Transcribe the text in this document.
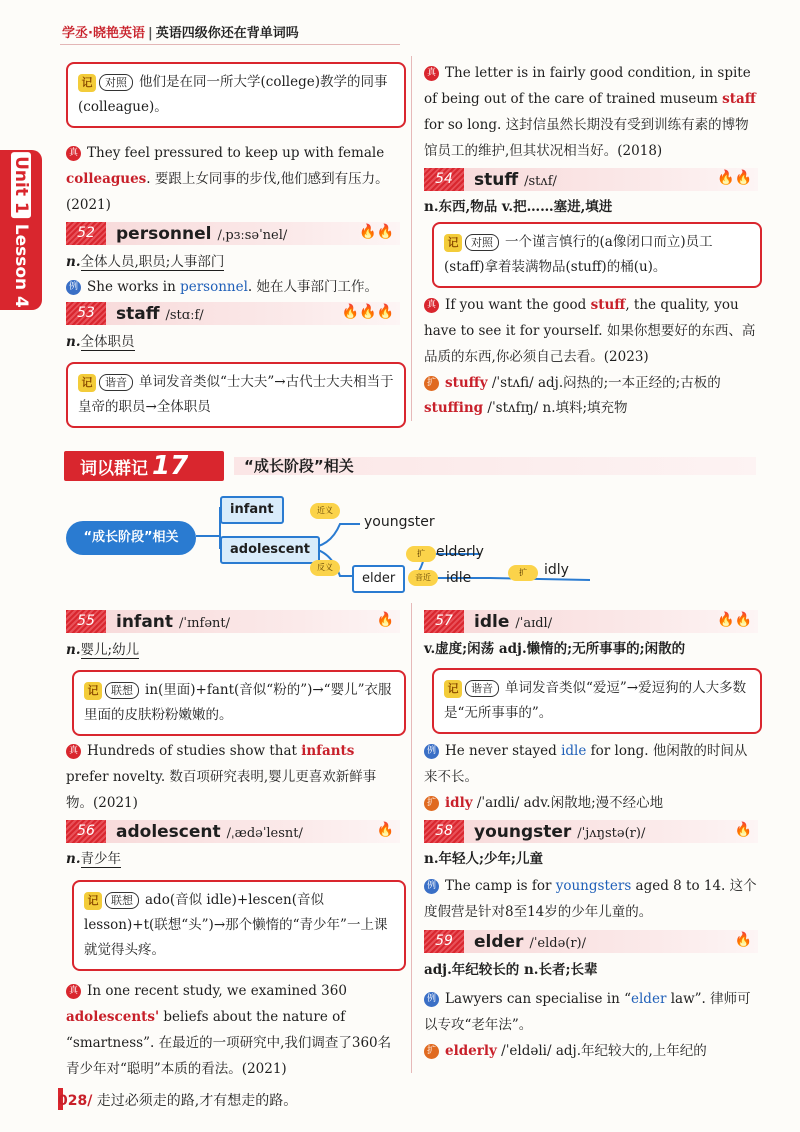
学丞·晓艳英语 | 英语四级你还在背单词吗
Unit 1Lesson 4
记 对照 他们是在同一所大学(college)教学的同事(colleague)。
真 They feel pressured to keep up with female colleagues. 要跟上女同事的步伐,他们感到有压力。(2021)
52	personnel /ˌpɜːsəˈnel/	🔥🔥
n.全体人员,职员;人事部门
例 She works in personnel. 她在人事部门工作。
53	staff /stɑːf/	🔥🔥🔥
n.全体职员
记 谐音 单词发音类似“士大夫”→古代士大夫相当于皇帝的职员→全体职员
真 The letter is in fairly good condition, in spite of being out of the care of trained museum staff for so long. 这封信虽然长期没有受到训练有素的博物馆员工的维护,但其状况相当好。(2018)
54	stuff /stʌf/	🔥🔥
n.东西,物品 v.把……塞进,填进
记 对照 一个谨言慎行的(a像闭口而立)员工(staff)拿着装满物品(stuff)的桶(u)。
真 If you want the good stuff, the quality, you have to see it for yourself. 如果你想要好的东西、高品质的东西,你必须自己去看。(2023)
扩 stuffy /ˈstʌfi/ adj.闷热的;一本正经的;古板的
stuffing /ˈstʌfɪŋ/ n.填料;填充物
词以群记 17	“成长阶段”相关
“成长阶段”相关
infant
adolescent
elder
近义
youngster
反义
扩 elderly
音近	idle	扩	idly
55	infant /ˈɪnfənt/	🔥
n.婴儿;幼儿
记 联想 in(里面)+fant(音似“粉的”)→“婴儿”衣服里面的皮肤粉粉嫩嫩的。
真 Hundreds of studies show that infants prefer novelty. 数百项研究表明,婴儿更喜欢新鲜事物。(2021)
56	adolescent /ˌædəˈlesnt/	🔥
n.青少年
记 联想 ado(音似 idle)+lescen(音似 lesson)+t(联想“头”)→那个懒惰的“青少年”一上课就觉得头疼。
真 In one recent study, we examined 360 adolescents' beliefs about the nature of “smartness”. 在最近的一项研究中,我们调查了360名青少年对“聪明”本质的看法。(2021)
57	idle /ˈaɪdl/	🔥🔥
v.虚度;闲荡 adj.懒惰的;无所事事的;闲散的
记 谐音 单词发音类似“爱逗”→爱逗狗的人大多数是“无所事事的”。
例 He never stayed idle for long. 他闲散的时间从来不长。
扩 idly /ˈaɪdli/ adv.闲散地;漫不经心地
58	youngster /ˈjʌŋstə(r)/	🔥
n.年轻人;少年;儿童
例 The camp is for youngsters aged 8 to 14. 这个度假营是针对8至14岁的少年儿童的。
59	elder /ˈeldə(r)/	🔥
adj.年纪较长的 n.长者;长辈
例 Lawyers can specialise in “elder law”. 律师可以专攻“老年法”。
扩 elderly /ˈeldəli/ adj.年纪较大的,上年纪的
028/ 走过必须走的路,才有想走的路。
